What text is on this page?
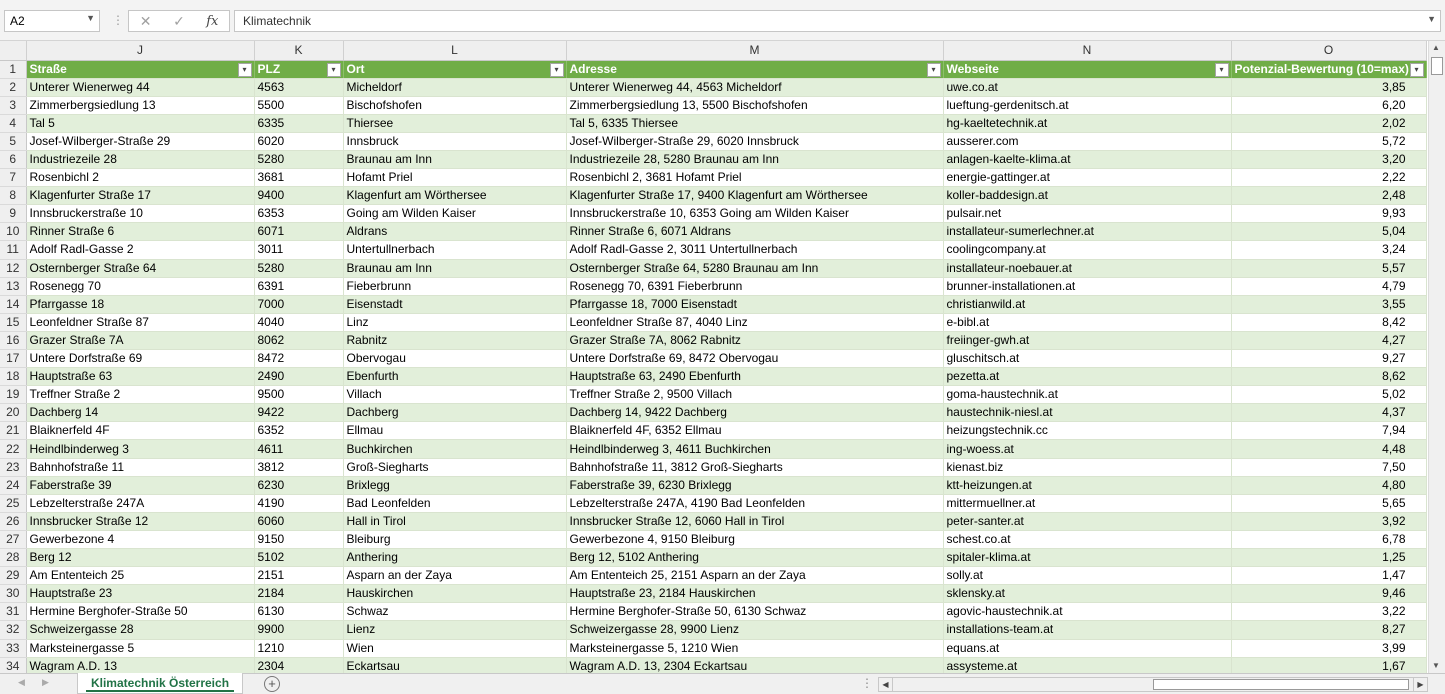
A2	▼ ⋮	✕	✓	fx	Klimatechnik	▼
	J	K	L	M	N	O
1	Straße ▾	PLZ ▾	Ort ▾	Adresse ▾	Webseite ▾	Potenzial-Bewertung (10=max) ▾

2	Unterer Wienerweg 44	4563	Micheldorf	Unterer Wienerweg 44, 4563 Micheldorf	uwe.co.at	3,85
3	Zimmerbergsiedlung 13	5500	Bischofshofen	Zimmerbergsiedlung 13, 5500 Bischofshofen	lueftung-gerdenitsch.at	6,20
4	Tal 5	6335	Thiersee	Tal 5, 6335 Thiersee	hg-kaeltetechnik.at	2,02
5	Josef-Wilberger-Straße 29	6020	Innsbruck	Josef-Wilberger-Straße 29, 6020 Innsbruck	ausserer.com	5,72
6	Industriezeile 28	5280	Braunau am Inn	Industriezeile 28, 5280 Braunau am Inn	anlagen-kaelte-klima.at	3,20
7	Rosenbichl 2	3681	Hofamt Priel	Rosenbichl 2, 3681 Hofamt Priel	energie-gattinger.at	2,22
8	Klagenfurter Straße 17	9400	Klagenfurt am Wörthersee	Klagenfurter Straße 17, 9400 Klagenfurt am Wörthersee	koller-baddesign.at	2,48
9	Innsbruckerstraße 10	6353	Going am Wilden Kaiser	Innsbruckerstraße 10, 6353 Going am Wilden Kaiser	pulsair.net	9,93
10	Rinner Straße 6	6071	Aldrans	Rinner Straße 6, 6071 Aldrans	installateur-sumerlechner.at	5,04
11	Adolf Radl-Gasse 2	3011	Untertullnerbach	Adolf Radl-Gasse 2, 3011 Untertullnerbach	coolingcompany.at	3,24
12	Osternberger Straße 64	5280	Braunau am Inn	Osternberger Straße 64, 5280 Braunau am Inn	installateur-noebauer.at	5,57
13	Rosenegg 70	6391	Fieberbrunn	Rosenegg 70, 6391 Fieberbrunn	brunner-installationen.at	4,79
14	Pfarrgasse 18	7000	Eisenstadt	Pfarrgasse 18, 7000 Eisenstadt	christianwild.at	3,55
15	Leonfeldner Straße 87	4040	Linz	Leonfeldner Straße 87, 4040 Linz	e-bibl.at	8,42
16	Grazer Straße 7A	8062	Rabnitz	Grazer Straße 7A, 8062 Rabnitz	freiinger-gwh.at	4,27
17	Untere Dorfstraße 69	8472	Obervogau	Untere Dorfstraße 69, 8472 Obervogau	gluschitsch.at	9,27
18	Hauptstraße 63	2490	Ebenfurth	Hauptstraße 63, 2490 Ebenfurth	pezetta.at	8,62
19	Treffner Straße 2	9500	Villach	Treffner Straße 2, 9500 Villach	goma-haustechnik.at	5,02
20	Dachberg 14	9422	Dachberg	Dachberg 14, 9422 Dachberg	haustechnik-niesl.at	4,37
21	Blaiknerfeld 4F	6352	Ellmau	Blaiknerfeld 4F, 6352 Ellmau	heizungstechnik.cc	7,94
22	Heindlbinderweg 3	4611	Buchkirchen	Heindlbinderweg 3, 4611 Buchkirchen	ing-woess.at	4,48
23	Bahnhofstraße 11	3812	Groß-Siegharts	Bahnhofstraße 11, 3812 Groß-Siegharts	kienast.biz	7,50
24	Faberstraße 39	6230	Brixlegg	Faberstraße 39, 6230 Brixlegg	ktt-heizungen.at	4,80
25	Lebzelterstraße 247A	4190	Bad Leonfelden	Lebzelterstraße 247A, 4190 Bad Leonfelden	mittermuellner.at	5,65
26	Innsbrucker Straße 12	6060	Hall in Tirol	Innsbrucker Straße 12, 6060 Hall in Tirol	peter-santer.at	3,92
27	Gewerbezone 4	9150	Bleiburg	Gewerbezone 4, 9150 Bleiburg	schest.co.at	6,78
28	Berg 12	5102	Anthering	Berg 12, 5102 Anthering	spitaler-klima.at	1,25
29	Am Ententeich 25	2151	Asparn an der Zaya	Am Ententeich 25, 2151 Asparn an der Zaya	solly.at	1,47
30	Hauptstraße 23	2184	Hauskirchen	Hauptstraße 23, 2184 Hauskirchen	sklensky.at	9,46
31	Hermine Berghofer-Straße 50	6130	Schwaz	Hermine Berghofer-Straße 50, 6130 Schwaz	agovic-haustechnik.at	3,22
32	Schweizergasse 28	9900	Lienz	Schweizergasse 28, 9900 Lienz	installations-team.at	8,27
33	Marksteinergasse 5	1210	Wien	Marksteinergasse 5, 1210 Wien	equans.at	3,99
34	Wagram A.D. 13	2304	Eckartsau	Wagram A.D. 13, 2304 Eckartsau	assysteme.at	1,67
▲
▼
◀ ▶	Klimatechnik Österreich	+	⋮	◀	▶
